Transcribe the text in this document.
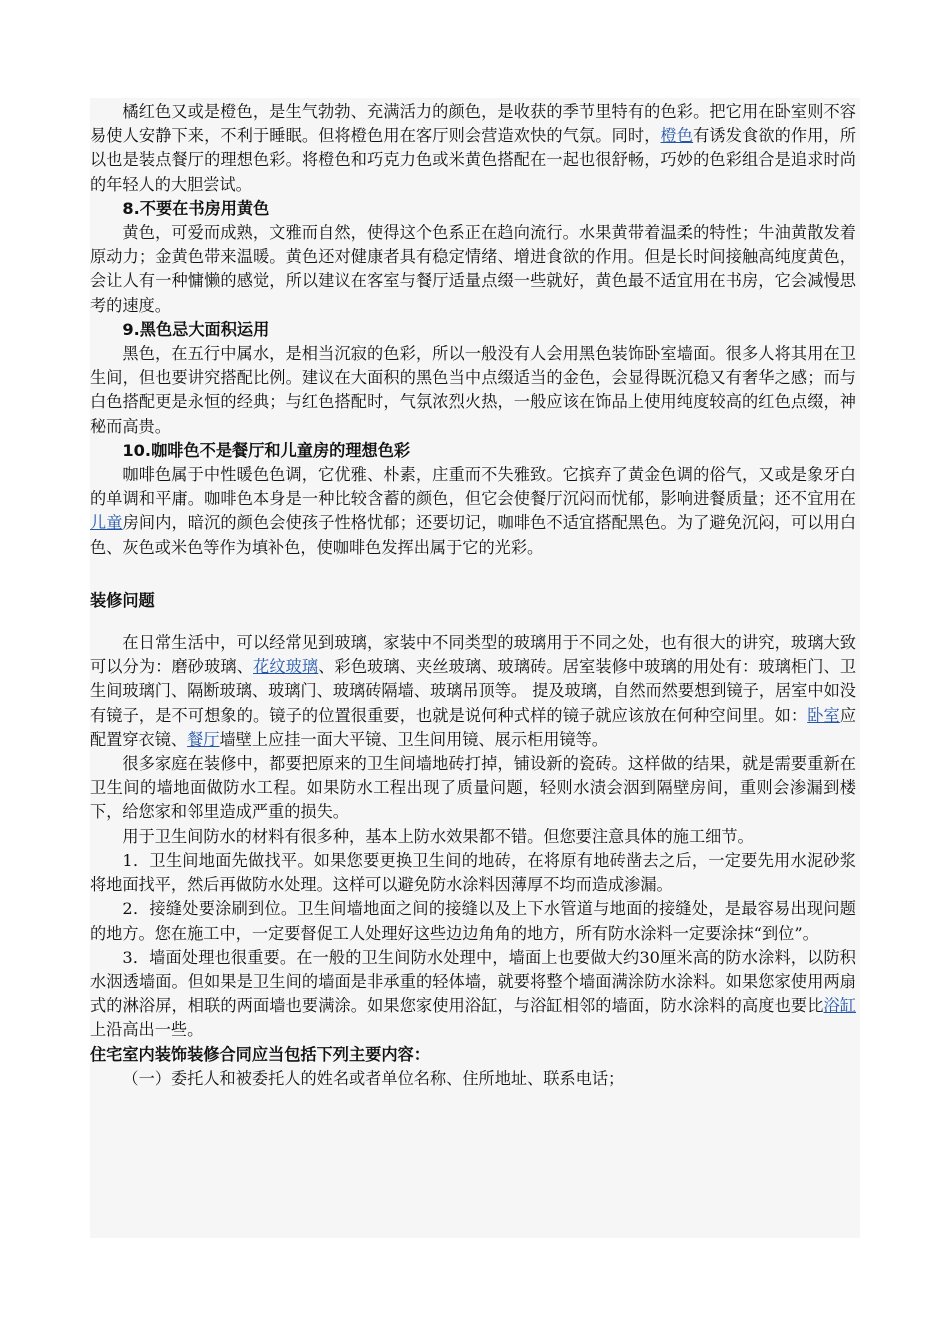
橘红色又或是橙色，是生气勃勃、充满活力的颜色，是收获的季节里特有的色彩。把它用在卧室则不容易使人安静下来，不利于睡眠。但将橙色用在客厅则会营造欢快的气氛。同时，橙色有诱发食欲的作用，所以也是装点餐厅的理想色彩。将橙色和巧克力色或米黄色搭配在一起也很舒畅，巧妙的色彩组合是追求时尚的年轻人的大胆尝试。

8.不要在书房用黄色

黄色，可爱而成熟，文雅而自然，使得这个色系正在趋向流行。水果黄带着温柔的特性；牛油黄散发着原动力；金黄色带来温暖。黄色还对健康者具有稳定情绪、增进食欲的作用。但是长时间接触高纯度黄色，会让人有一种慵懒的感觉，所以建议在客室与餐厅适量点缀一些就好，黄色最不适宜用在书房，它会减慢思考的速度。

9.黑色忌大面积运用

黑色，在五行中属水，是相当沉寂的色彩，所以一般没有人会用黑色装饰卧室墙面。很多人将其用在卫生间，但也要讲究搭配比例。建议在大面积的黑色当中点缀适当的金色，会显得既沉稳又有奢华之感；而与白色搭配更是永恒的经典；与红色搭配时，气氛浓烈火热，一般应该在饰品上使用纯度较高的红色点缀，神秘而高贵。

10.咖啡色不是餐厅和儿童房的理想色彩

咖啡色属于中性暖色色调，它优雅、朴素，庄重而不失雅致。它摈弃了黄金色调的俗气，又或是象牙白的单调和平庸。咖啡色本身是一种比较含蓄的颜色，但它会使餐厅沉闷而忧郁，影响进餐质量；还不宜用在儿童房间内，暗沉的颜色会使孩子性格忧郁；还要切记，咖啡色不适宜搭配黑色。为了避免沉闷，可以用白色、灰色或米色等作为填补色，使咖啡色发挥出属于它的光彩。

装修问题

在日常生活中，可以经常见到玻璃，家装中不同类型的玻璃用于不同之处，也有很大的讲究，玻璃大致可以分为：磨砂玻璃、花纹玻璃、彩色玻璃、夹丝玻璃、玻璃砖。居室装修中玻璃的用处有：玻璃柜门、卫生间玻璃门、隔断玻璃、玻璃门、玻璃砖隔墙、玻璃吊顶等。 提及玻璃，自然而然要想到镜子，居室中如没有镜子，是不可想象的。镜子的位置很重要，也就是说何种式样的镜子就应该放在何种空间里。如：卧室应配置穿衣镜、餐厅墙壁上应挂一面大平镜、卫生间用镜、展示柜用镜等。

很多家庭在装修中，都要把原来的卫生间墙地砖打掉，铺设新的瓷砖。这样做的结果，就是需要重新在卫生间的墙地面做防水工程。如果防水工程出现了质量问题，轻则水渍会洇到隔壁房间，重则会渗漏到楼下，给您家和邻里造成严重的损失。

用于卫生间防水的材料有很多种，基本上防水效果都不错。但您要注意具体的施工细节。

1．卫生间地面先做找平。如果您要更换卫生间的地砖，在将原有地砖凿去之后，一定要先用水泥砂浆将地面找平，然后再做防水处理。这样可以避免防水涂料因薄厚不均而造成渗漏。

2．接缝处要涂刷到位。卫生间墙地面之间的接缝以及上下水管道与地面的接缝处，是最容易出现问题的地方。您在施工中，一定要督促工人处理好这些边边角角的地方，所有防水涂料一定要涂抹“到位”。

3．墙面处理也很重要。在一般的卫生间防水处理中，墙面上也要做大约30厘米高的防水涂料，以防积水洇透墙面。但如果是卫生间的墙面是非承重的轻体墙，就要将整个墙面满涂防水涂料。如果您家使用两扇式的淋浴屏，相联的两面墙也要满涂。如果您家使用浴缸，与浴缸相邻的墙面，防水涂料的高度也要比浴缸上沿高出一些。

住宅室内装饰装修合同应当包括下列主要内容：

（一）委托人和被委托人的姓名或者单位名称、住所地址、联系电话；
